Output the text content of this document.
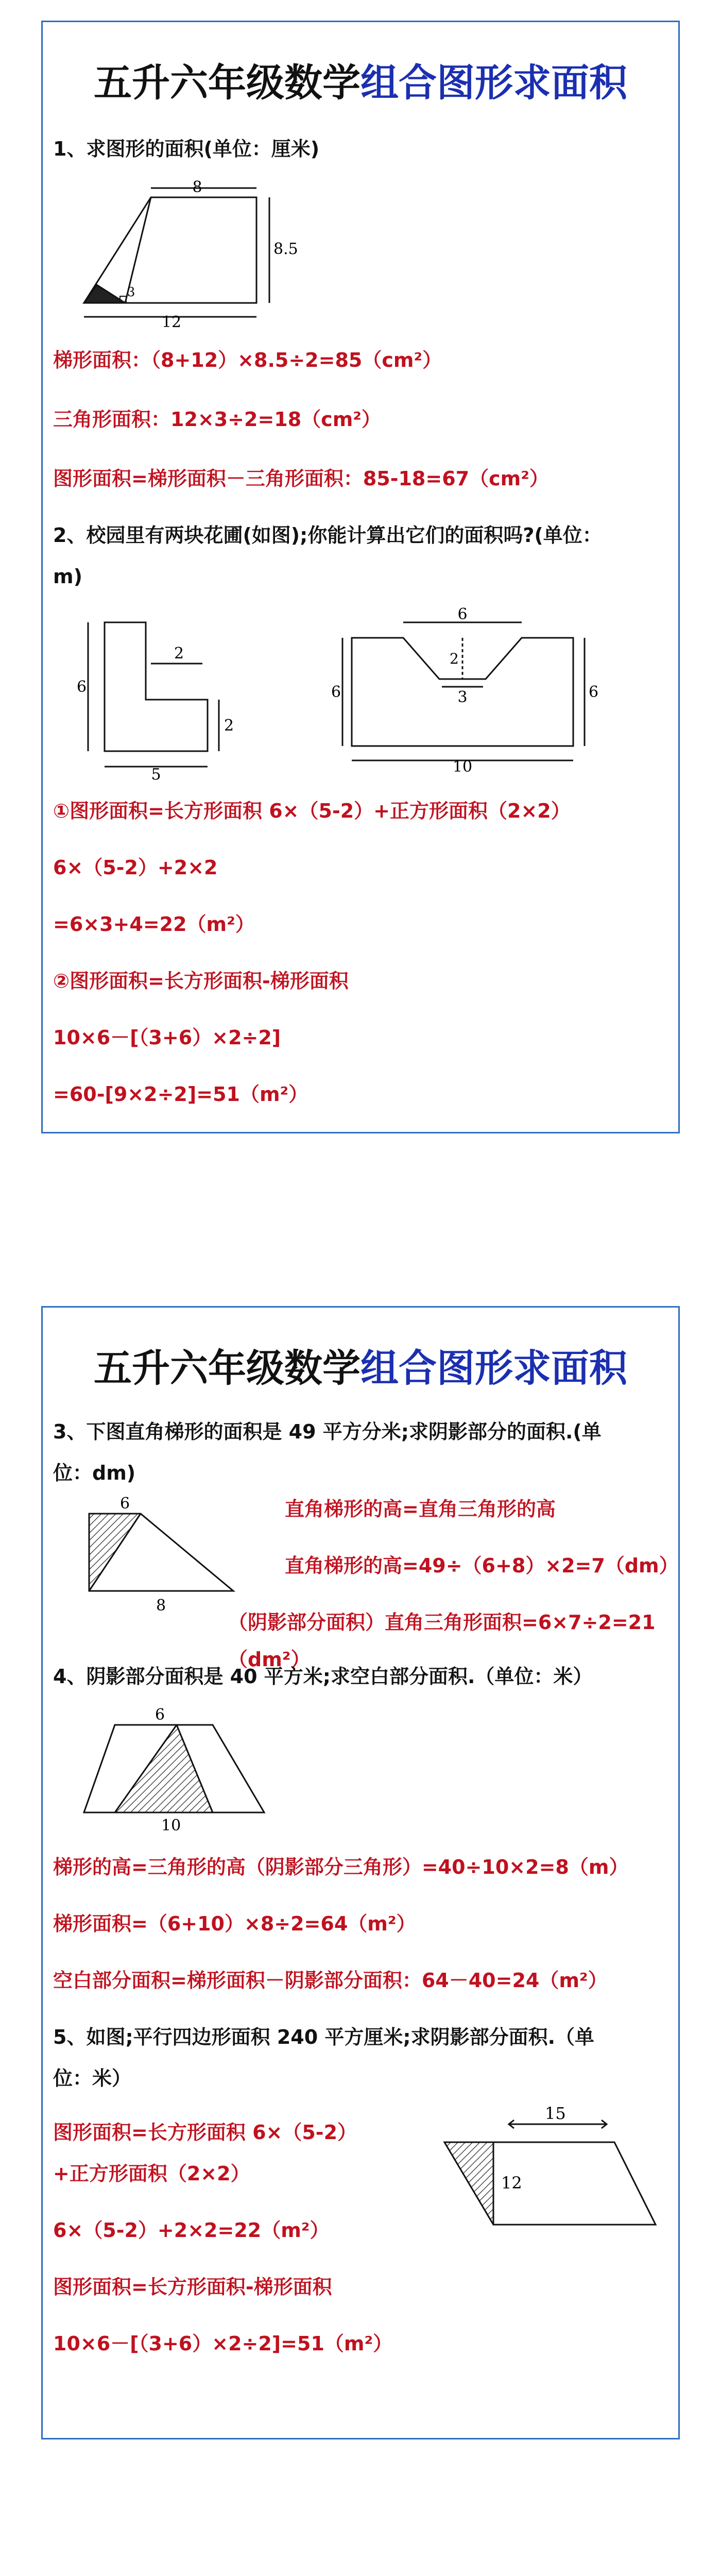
五升六年级数学组合图形求面积
1、求图形的面积(单位：厘米)
8
8.5
12
3
梯形面积：（8+12）×8.5÷2=85（cm²）
三角形面积：12×3÷2=18（cm²）
图形面积=梯形面积－三角形面积：85-18=67（cm²）
2、校园里有两块花圃(如图);你能计算出它们的面积吗?(单位：
m)
6
2
2
5
6
2
3
6	6
10
①图形面积=长方形面积 6×（5-2）+正方形面积（2×2）
6×（5-2）+2×2
=6×3+4=22（m²）
②图形面积=长方形面积-梯形面积
10×6－[（3+6）×2÷2]
=60-[9×2÷2]=51（m²）
五升六年级数学组合图形求面积
3、下图直角梯形的面积是 49 平方分米;求阴影部分的面积.(单
位：dm)
6
8
直角梯形的高=直角三角形的高
直角梯形的高=49÷（6+8）×2=7（dm）
（阴影部分面积）直角三角形面积=6×7÷2=21（dm²）
4、阴影部分面积是 40 平方米;求空白部分面积.（单位：米）
6
10
梯形的高=三角形的高（阴影部分三角形）=40÷10×2=8（m）
梯形面积=（6+10）×8÷2=64（m²）
空白部分面积=梯形面积－阴影部分面积：64－40=24（m²）
5、如图;平行四边形面积 240 平方厘米;求阴影部分面积.（单
位：米）
图形面积=长方形面积 6×（5-2）
+正方形面积（2×2）
6×（5-2）+2×2=22（m²）
图形面积=长方形面积-梯形面积
10×6－[（3+6）×2÷2]=51（m²）
15
12
